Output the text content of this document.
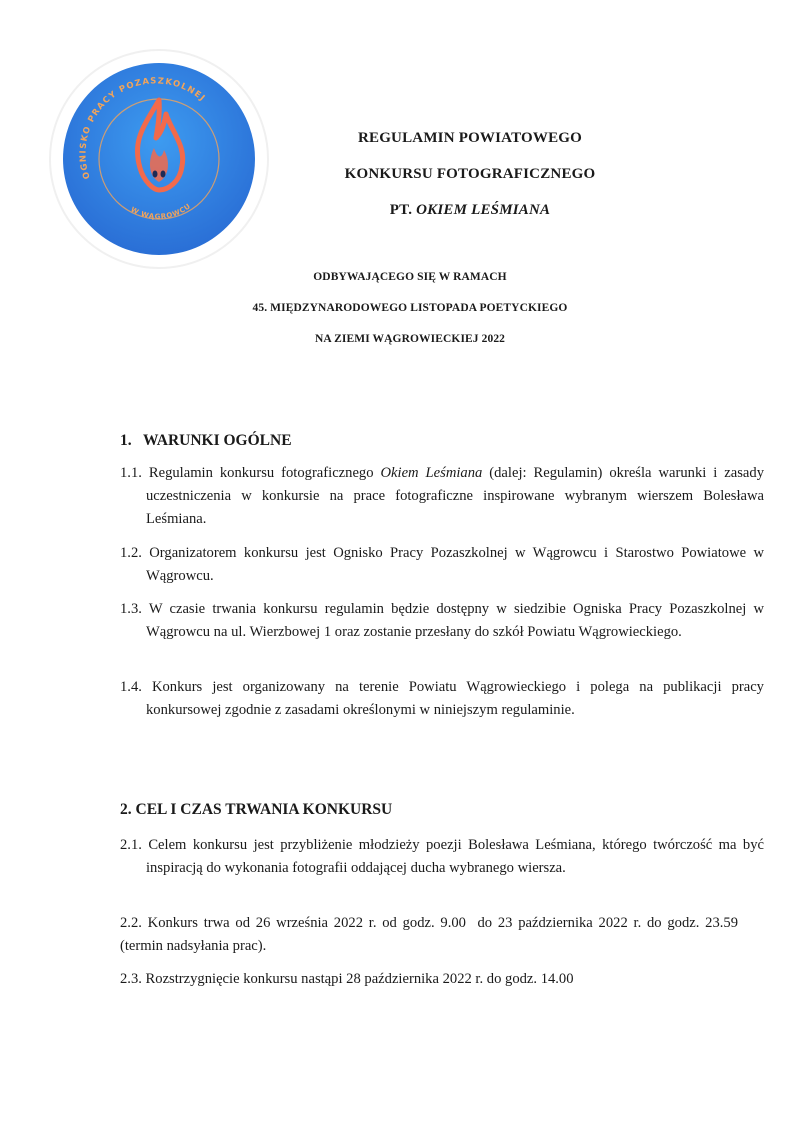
OGNISKO PRACY POZASZKOLNEJ
W WĄGROWCU
REGULAMIN POWIATOWEGO
KONKURSU FOTOGRAFICZNEGO
PT. OKIEM LEŚMIANA
ODBYWAJĄCEGO SIĘ W RAMACH
45. MIĘDZYNARODOWEGO LISTOPADA POETYCKIEGO
NA ZIEMI WĄGROWIECKIEJ 2022
1.   WARUNKI OGÓLNE
1.1. Regulamin konkursu fotograficznego Okiem Leśmiana (dalej: Regulamin) określa warunki i zasady uczestniczenia w konkursie na prace fotograficzne inspirowane wybranym wierszem Bolesława Leśmiana.
1.2. Organizatorem konkursu jest Ognisko Pracy Pozaszkolnej w Wągrowcu i Starostwo Powiatowe w Wągrowcu.
1.3. W czasie trwania konkursu regulamin będzie dostępny w siedzibie Ogniska Pracy Pozaszkolnej w Wągrowcu na ul. Wierzbowej 1 oraz zostanie przesłany do szkół Powiatu Wągrowieckiego.
1.4. Konkurs jest organizowany na terenie Powiatu Wągrowieckiego i polega na publikacji pracy konkursowej zgodnie z zasadami określonymi w niniejszym regulaminie.
2. CEL I CZAS TRWANIA KONKURSU
2.1. Celem konkursu jest przybliżenie młodzieży poezji Bolesława Leśmiana, którego twórczość ma być inspiracją do wykonania fotografii oddającej ducha wybranego wiersza.
2.2. Konkurs trwa od 26 września 2022 r. od godz. 9.00  do 23 października 2022 r. do godz. 23.59 (termin nadsyłania prac).
2.3. Rozstrzygnięcie konkursu nastąpi 28 października 2022 r. do godz. 14.00
